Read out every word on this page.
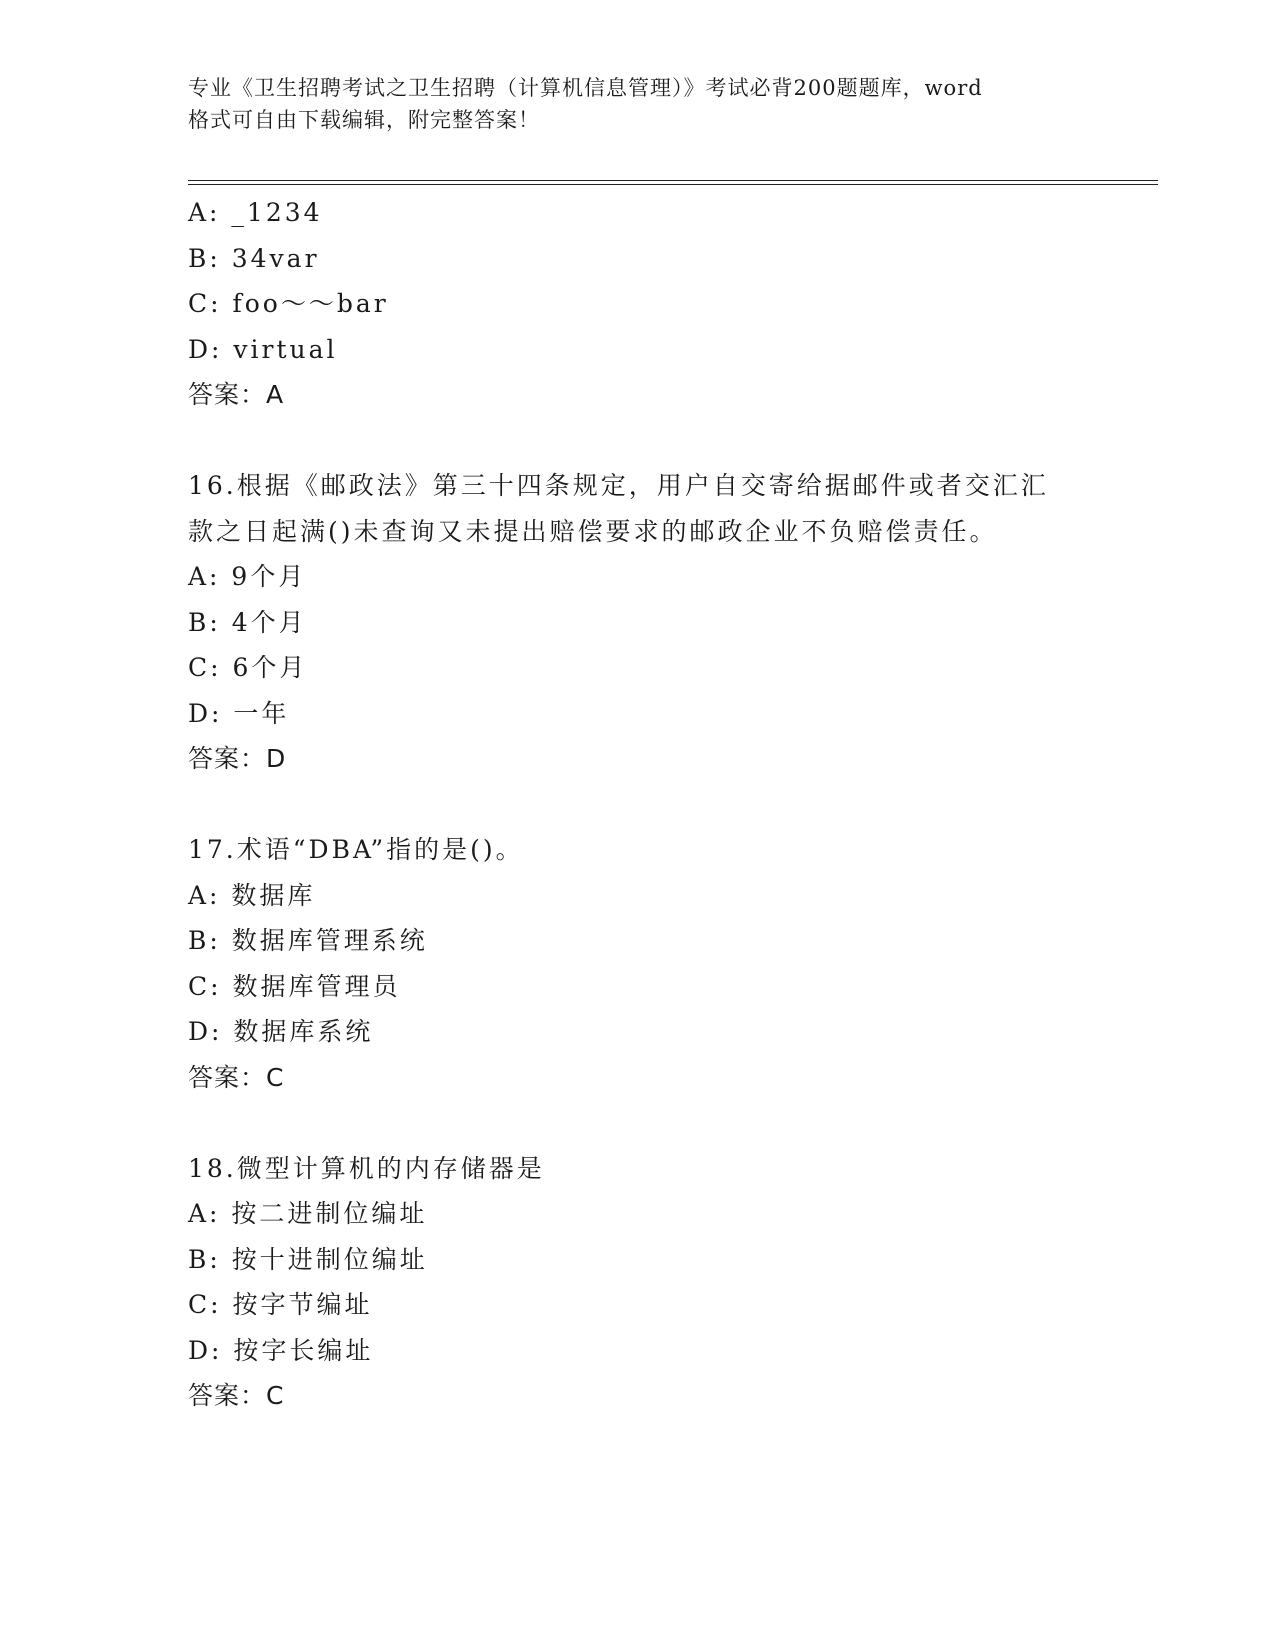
专业《卫生招聘考试之卫生招聘（计算机信息管理）》考试必背200题题库，word
格式可自由下载编辑，附完整答案！
A: _1234
B: 34var
C: foo～～bar
D: virtual
答案：A
16.根据《邮政法》第三十四条规定，用户自交寄给据邮件或者交汇汇
款之日起满()未查询又未提出赔偿要求的邮政企业不负赔偿责任。
A: 9个月
B: 4个月
C: 6个月
D: 一年
答案：D
17.术语“DBA”指的是()。
A: 数据库
B: 数据库管理系统
C: 数据库管理员
D: 数据库系统
答案：C
18.微型计算机的内存储器是
A: 按二进制位编址
B: 按十进制位编址
C: 按字节编址
D: 按字长编址
答案：C
